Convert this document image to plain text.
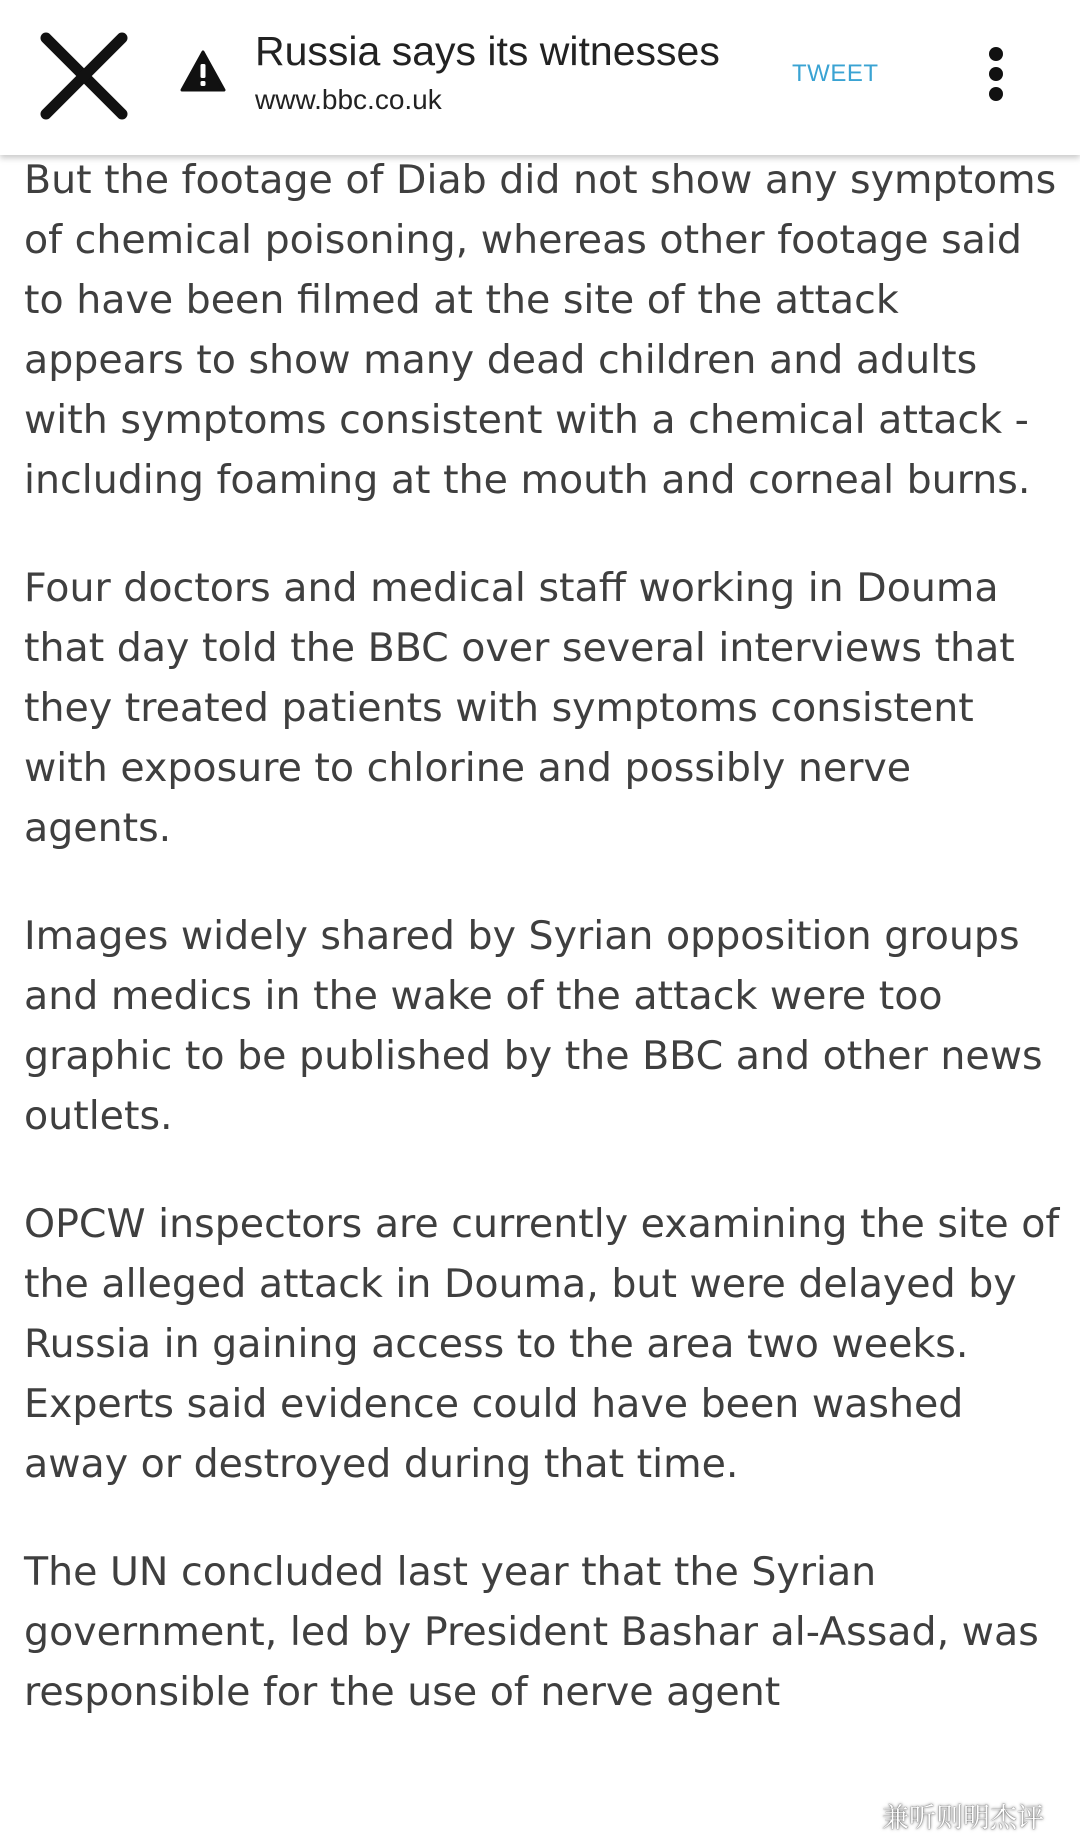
Russia says its witnesses
www.bbc.co.uk
TWEET

But the footage of Diab did not show any symptoms of chemical poisoning, whereas other footage said to have been filmed at the site of the attack appears to show many dead children and adults with symptoms consistent with a chemical attack - including foaming at the mouth and corneal burns.

Four doctors and medical staff working in Douma that day told the BBC over several interviews that they treated patients with symptoms consistent with exposure to chlorine and possibly nerve agents.

Images widely shared by Syrian opposition groups and medics in the wake of the attack were too graphic to be published by the BBC and other news outlets.

OPCW inspectors are currently examining the site of the alleged attack in Douma, but were delayed by Russia in gaining access to the area two weeks. Experts said evidence could have been washed away or destroyed during that time.

The UN concluded last year that the Syrian government, led by President Bashar al-Assad, was responsible for the use of nerve agent

兼听则明杰评
